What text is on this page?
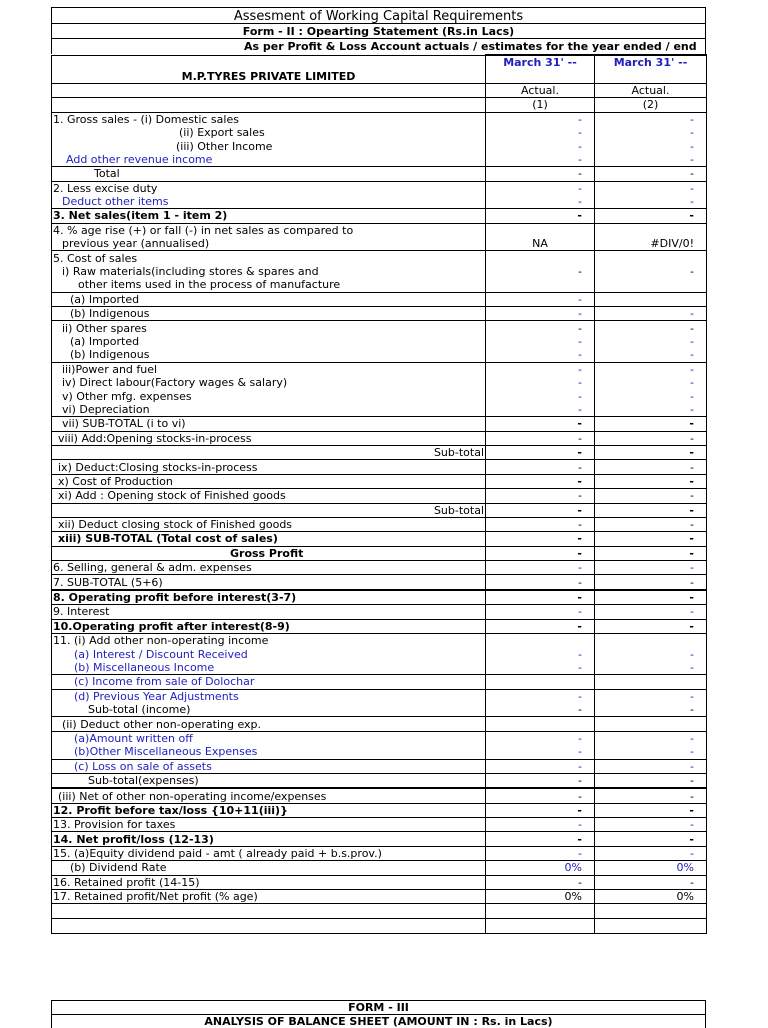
Assesment of Working Capital Requirements
Form - II : Opearting Statement (Rs.in Lacs)
As per Profit & Loss Account actuals / estimates for the year ended / end
	March 31' --	March 31' --
M.P.TYRES PRIVATE LIMITED		
	Actual.	Actual.
	(1)	(2)
1. Gross sales - (i) Domestic sales	-	-
(ii) Export sales	-	-
(iii) Other Income	-	-
Add other revenue income	-	-
Total	-	-
2. Less excise duty	-	-
Deduct other items	-	-
3. Net sales(item 1 - item 2)	-	-
4. % age rise (+) or fall (-) in net sales as compared to		
previous year (annualised)	NA	#DIV/0!
5. Cost of sales		
i) Raw materials(including stores & spares and	-	-
other items used in the process of manufacture		
(a) Imported	-	
(b) Indigenous	-	-
ii) Other spares	-	-
(a) Imported	-	-
(b) Indigenous	-	-
iii)Power and fuel	-	-
iv) Direct labour(Factory wages & salary)	-	-
v) Other mfg. expenses	-	-
vi) Depreciation	-	-
vii) SUB-TOTAL (i to vi)	-	-
viii) Add:Opening stocks-in-process	-	-
Sub-total	-	-
ix) Deduct:Closing stocks-in-process	-	-
x) Cost of Production	-	-
xi) Add : Opening stock of Finished goods	-	-
Sub-total	-	-
xii) Deduct closing stock of Finished goods	-	-
xiii) SUB-TOTAL (Total cost of sales)	-	-
Gross Profit	-	-
6. Selling, general & adm. expenses	-	-
7. SUB-TOTAL (5+6)	-	-
8. Operating profit before interest(3-7)	-	-
9. Interest	-	-
10.Operating profit after interest(8-9)	-	-
11. (i) Add other non-operating income		
(a) Interest / Discount Received	-	-
(b) Miscellaneous Income	-	-
(c) Income from sale of Dolochar		
(d) Previous Year Adjustments	-	-
Sub-total (income)	-	-
(ii) Deduct other non-operating exp.		
(a)Amount written off	-	-
(b)Other Miscellaneous Expenses	-	-
(c) Loss on sale of assets	-	-
Sub-total(expenses)	-	-
(iii) Net of other non-operating income/expenses	-	-
12. Profit before tax/loss {10+11(iii)}	-	-
13. Provision for taxes	-	-
14. Net profit/loss (12-13)	-	-
15. (a)Equity dividend paid - amt ( already paid + b.s.prov.)	-	-
(b) Dividend Rate	0%	0%
16. Retained profit (14-15)	-	-
17. Retained profit/Net profit (% age)	0%	0%

FORM - III
ANALYSIS OF BALANCE SHEET (AMOUNT IN : Rs. in Lacs)
